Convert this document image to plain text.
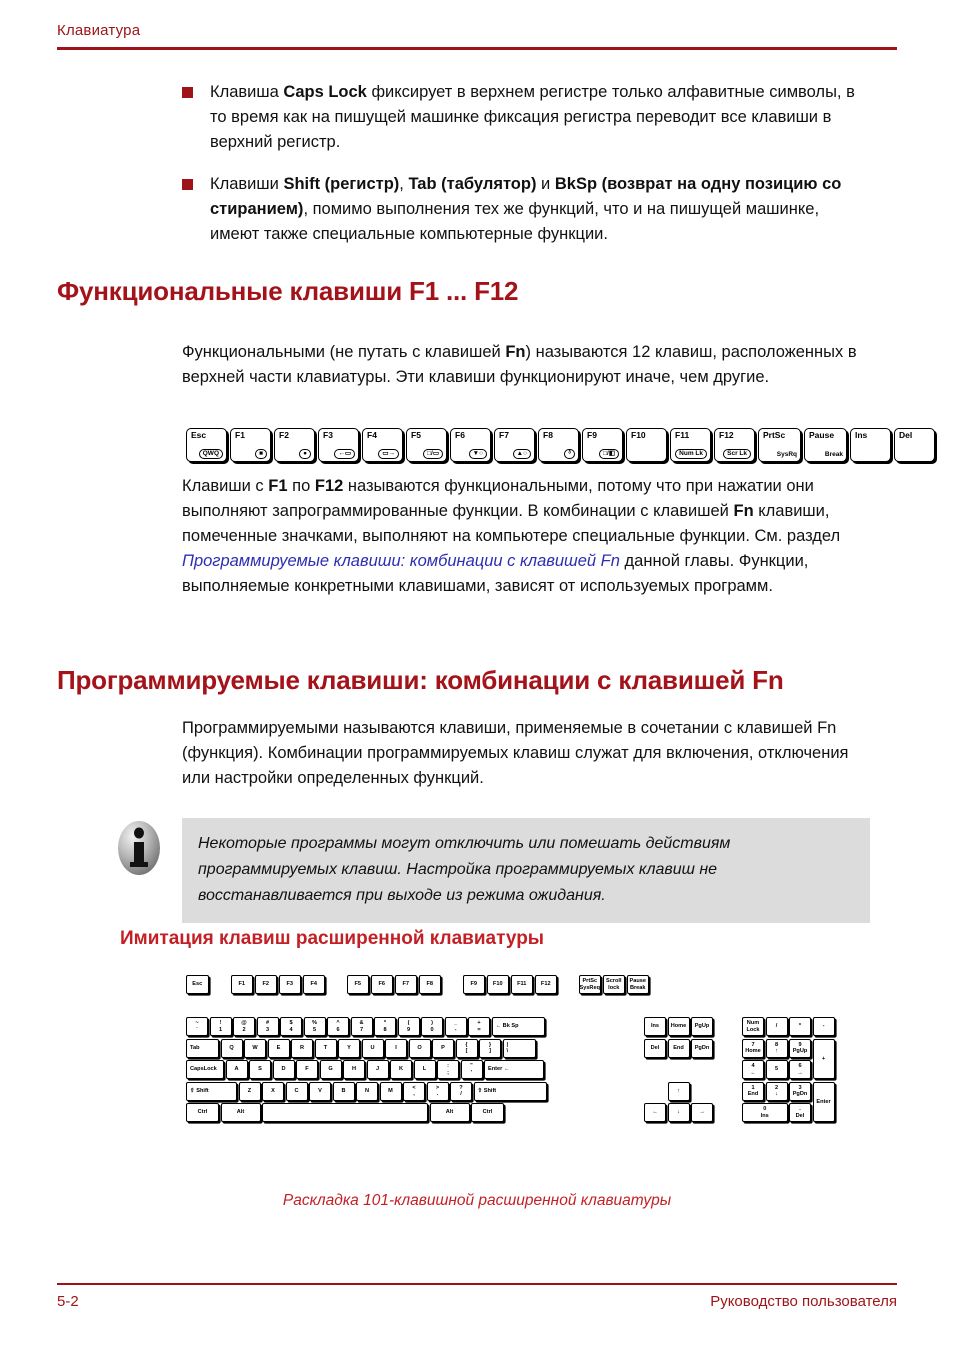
Клавиатура
Клавиша Caps Lock фиксирует в верхнем регистре только алфавитные символы, в то время как на пишущей машинке фиксация регистра переводит все клавиши в верхний регистр.
Клавиши Shift (регистр), Tab (табулятор) и BkSp (возврат на одну позицию со стиранием), помимо выполнения тех же функций, что и на пишущей машинке, имеют также специальные компьютерные функции.
Функциональные клавиши F1 ... F12
Функциональными (не путать с клавишей Fn) называются 12 клавиш, расположенных в верхней части клавиатуры. Эти клавиши функционируют иначе, чем другие.
Esc
QWQ
F1
■
F2
●
F3
←▭
F4
▭→
F5
□/▭
F6
▼○
F7
▲○
F8
ᵟ
F9
□/◧
F10	F11
Num Lk
F12
Scr Lk
PrtSc
SysRq
Pause
Break
Ins	Del
Клавиши с F1 по F12 называются функциональными, потому что при нажатии они выполняют запрограммированные функции. В комбинации с клавишей Fn клавиши, помеченные значками, выполняют на компьютере специальные функции. См. раздел Программируемые клавиши: комбинации с клавишей Fn данной главы. Функции, выполняемые конкретными клавишами, зависят от используемых программ.
Программируемые клавиши: комбинации с клавишей Fn
Программируемыми называются клавиши, применяемые в сочетании с клавишей Fn (функция). Комбинации программируемых клавиш служат для включения, отключения или настройки определенных функций.
Некоторые программы могут отключить или помешать действиям программируемых клавиш. Настройка программируемых клавиш не восстанавливается при выходе из режима ожидания.
Имитация клавиш расширенной клавиатуры
Esc	F1	F2	F3	F4	F5	F6	F7	F8	F9	F10	F11	F12
PrtSc
SysReq
Scroll
lock
Pause
Break
~
`
!
1
@
2
#
3
$
4
%
5
^
6
&
7
*
8
(
9
)
0
_
-
+
=
← Bk Sp
Tab	Q	W	E	R	T	Y	U	I	O	P
{
[
}
]
|
\
CapsLock	A	S	D	F	G	H	J	K	L
:
;
"
'
Enter ←
⇧ Shift	Z	X	C	V	B	N	M
<
,
>
.
?
/
⇧ Shift
Ctrl	Alt	Alt	Ctrl
Ins Home PgUp
Del End PgDn
↑
←	↓	→
Num
Lock
/	*	-
7
Home
8
↑
9
PgUp
+
4
←
5
6
→
1
End
2
↓
3
PgDn
Enter
0
Ins
.
Del
Раскладка 101-клавишной расширенной клавиатуры
5-2	Руководство пользователя
